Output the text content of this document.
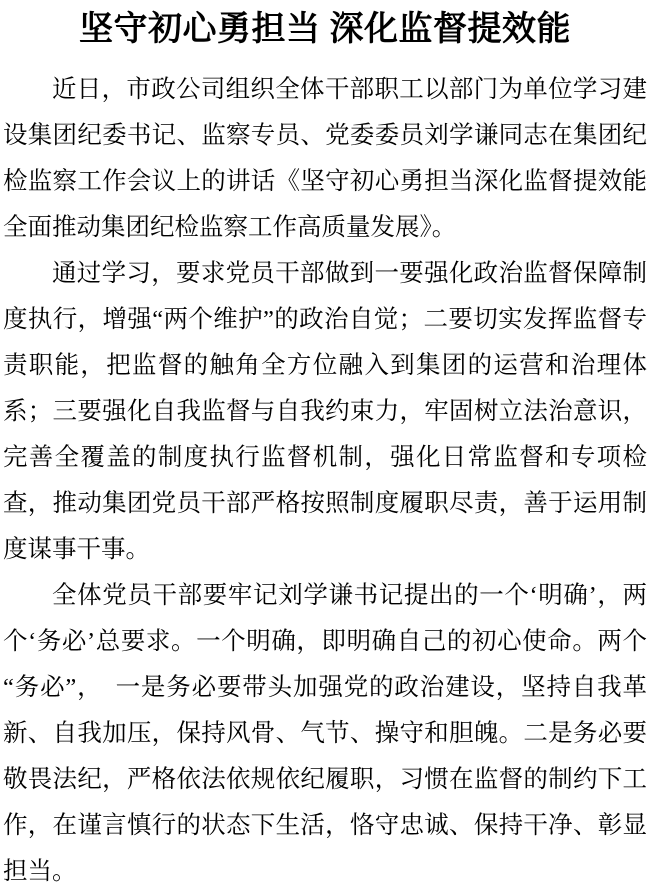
坚守初心勇担当 深化监督提效能

近日，市政公司组织全体干部职工以部门为单位学习建设集团纪委书记、监察专员、党委委员刘学谦同志在集团纪检监察工作会议上的讲话《坚守初心勇担当深化监督提效能全面推动集团纪检监察工作高质量发展》。

通过学习，要求党员干部做到一要强化政治监督保障制度执行，增强“两个维护”的政治自觉；二要切实发挥监督专责职能，把监督的触角全方位融入到集团的运营和治理体系；三要强化自我监督与自我约束力，牢固树立法治意识，完善全覆盖的制度执行监督机制，强化日常监督和专项检查，推动集团党员干部严格按照制度履职尽责，善于运用制度谋事干事。

全体党员干部要牢记刘学谦书记提出的一个‘明确’，两个‘务必’总要求。一个明确，即明确自己的初心使命。两个“务必”，　一是务必要带头加强党的政治建设，坚持自我革新、自我加压，保持风骨、气节、操守和胆魄。二是务必要敬畏法纪，严格依法依规依纪履职，习惯在监督的制约下工作，在谨言慎行的状态下生活，恪守忠诚、保持干净、彰显担当。
